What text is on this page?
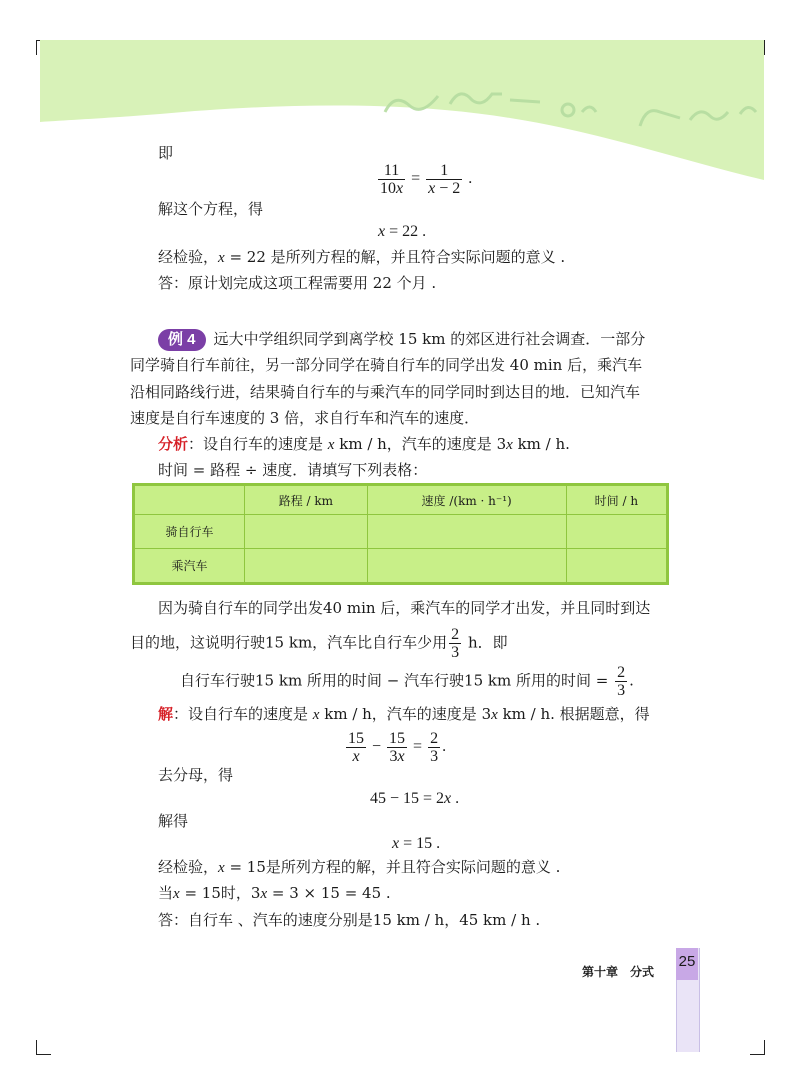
即
$\frac{11}{10x} = \frac{1}{x - 2}$ .
解这个方程，得
x = 22 .
经检验，x = 22 是所列方程的解，并且符合实际问题的意义 .
答：原计划完成这项工程需要用 22 个月 .
例 4 远大中学组织同学到离学校 15 km 的郊区进行社会调查．一部分
同学骑自行车前往，另一部分同学在骑自行车的同学出发 40 min 后，乘汽车
沿相同路线行进，结果骑自行车的与乘汽车的同学同时到达目的地．已知汽车
速度是自行车速度的 3 倍，求自行车和汽车的速度．
分析：设自行车的速度是 x km / h，汽车的速度是 3x km / h.
时间 = 路程 ÷ 速度．请填写下列表格：
	路程 / km	速度 /(km · h⁻¹)	时间 / h
骑自行车			
乘汽车			
因为骑自行车的同学出发40 min 后，乘汽车的同学才出发，并且同时到达
目的地，这说明行驶15 km，汽车比自行车少用 $\frac{2}{3}$ h．即
自行车行驶15 km 所用的时间 − 汽车行驶15 km 所用的时间 = $\frac{2}{3}$ .
解：设自行车的速度是 x km / h，汽车的速度是 3x km / h. 根据题意，得
$\frac{15}{x} - \frac{15}{3x} = \frac{2}{3}$ .
去分母，得
45 − 15 = 2x .
解得
x = 15 .
经检验，x = 15是所列方程的解，并且符合实际问题的意义 .
当x = 15时，3x = 3 × 15 = 45 .
答：自行车 、汽车的速度分别是15 km / h，45 km / h .
第十章　分式
25
